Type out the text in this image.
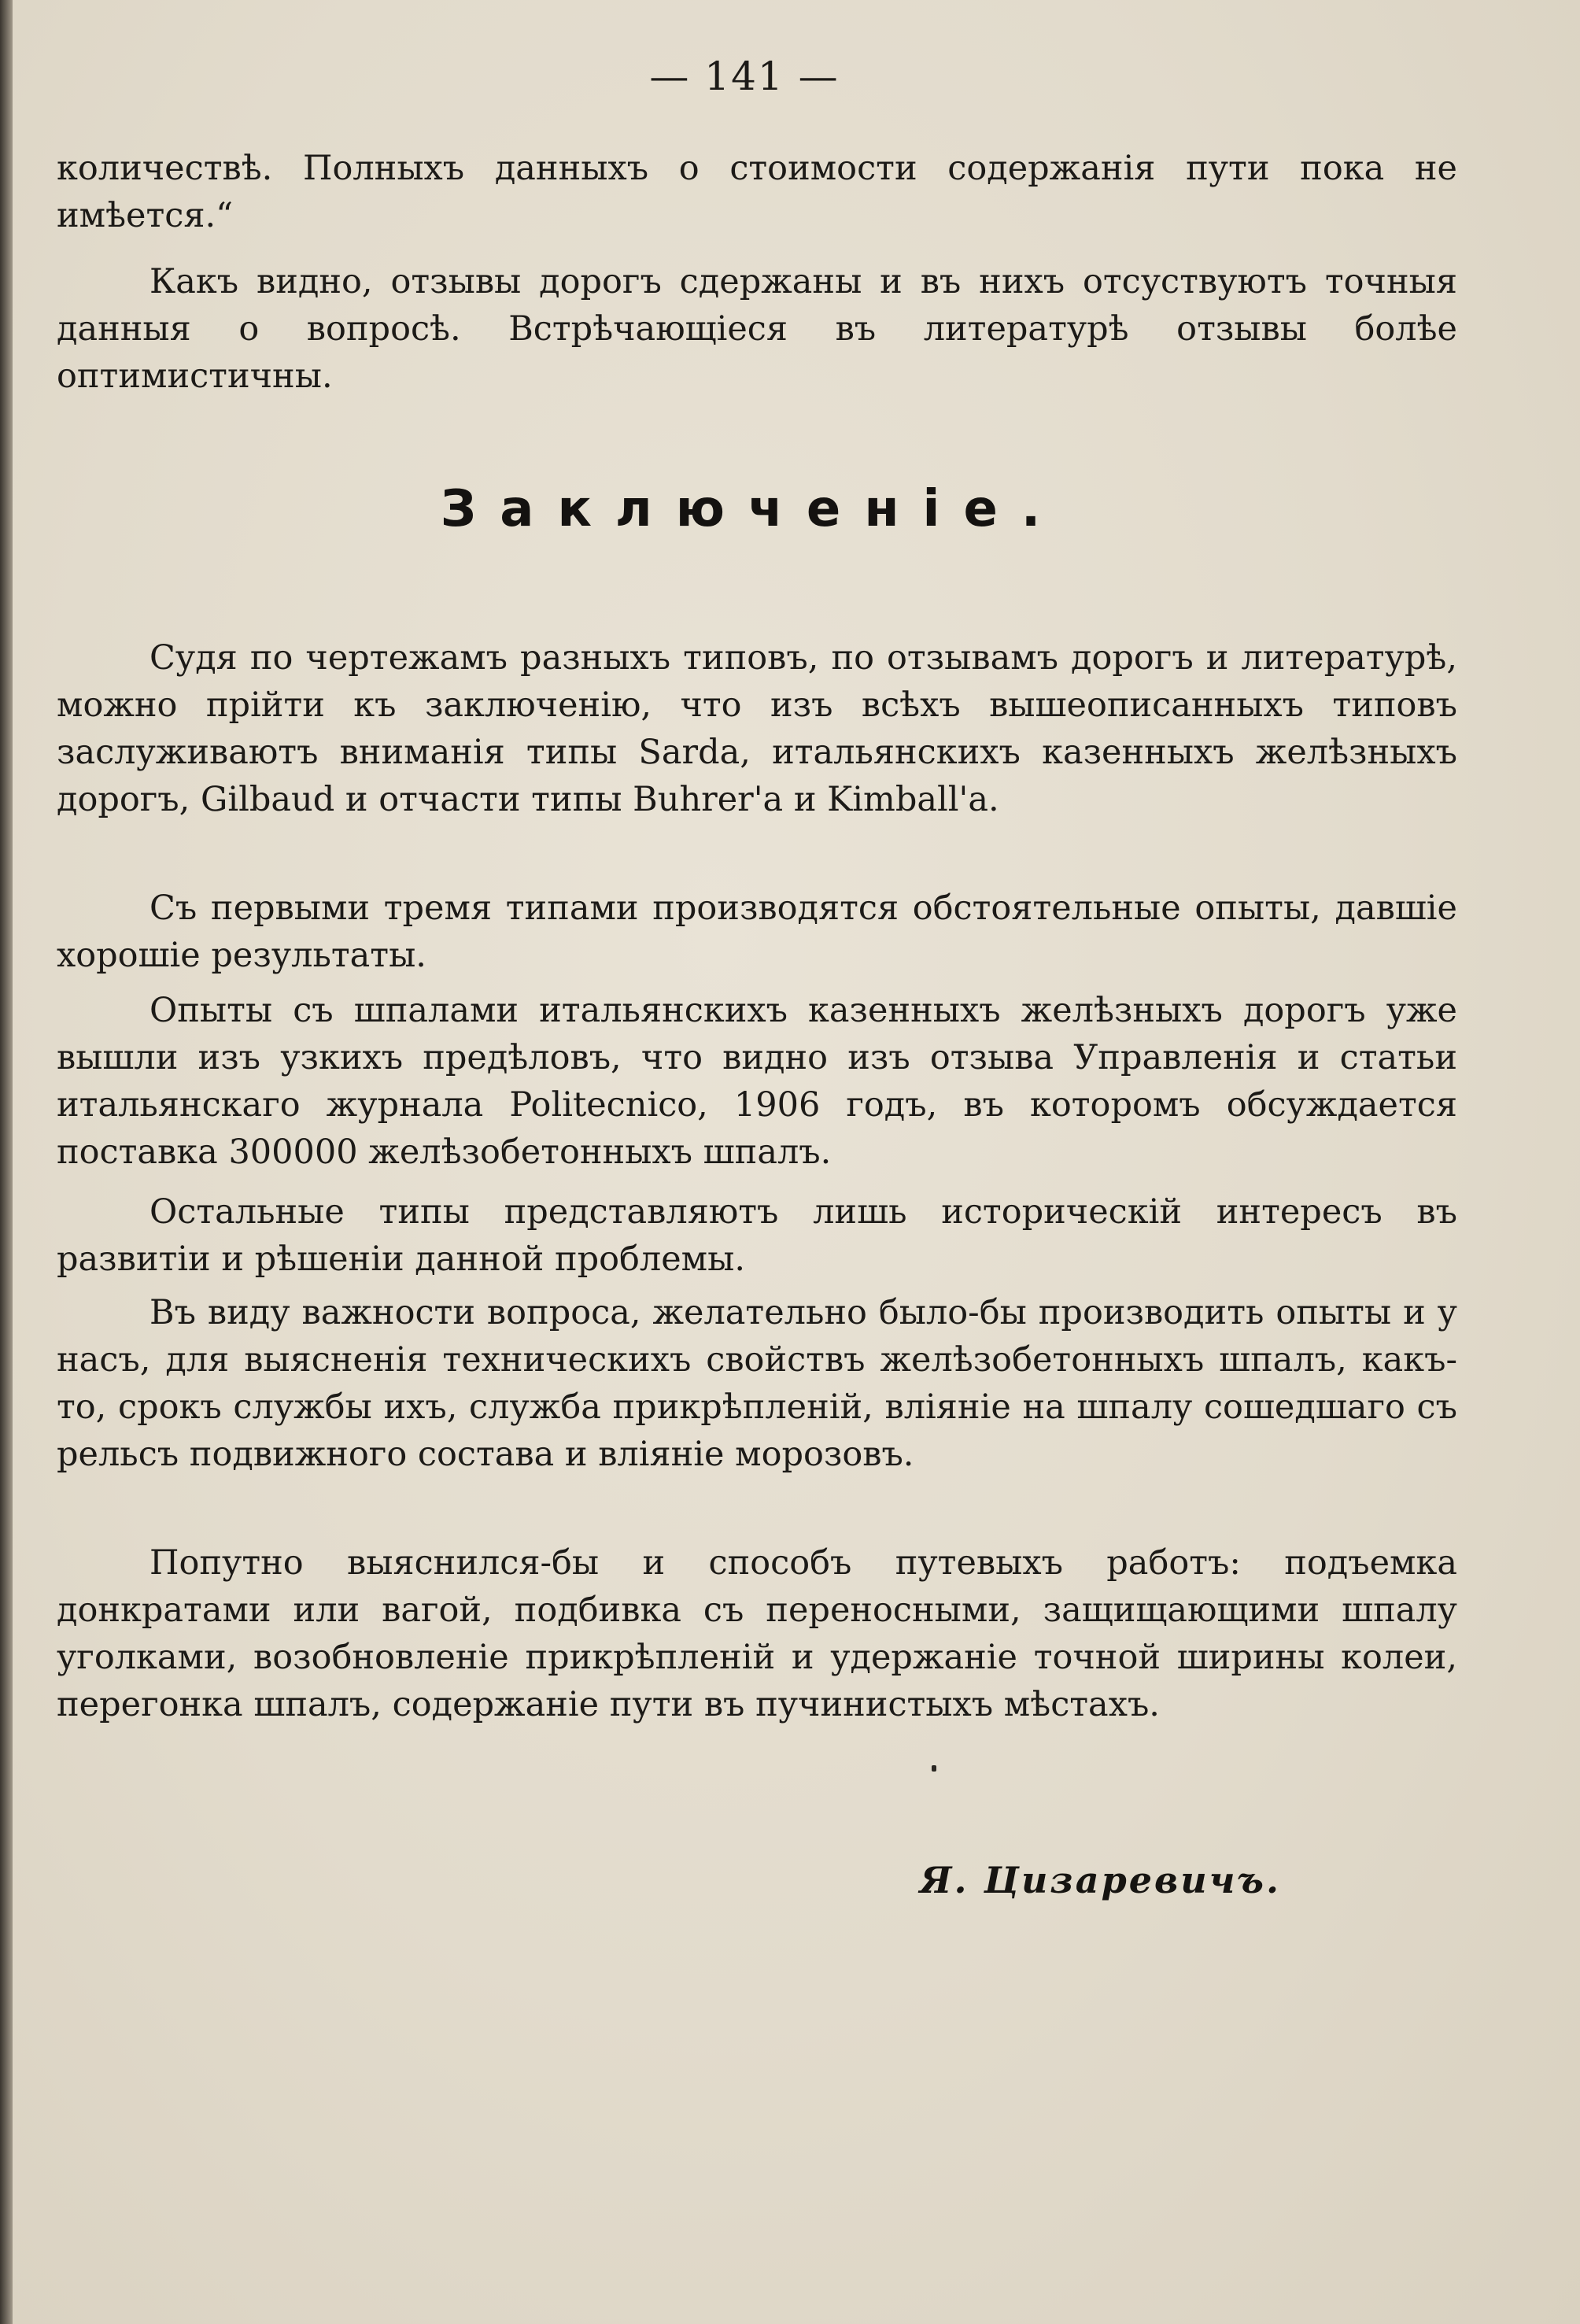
— 141 —

количествѣ. Полныхъ данныхъ о стоимости содержанія пути пока не имѣется.“

Какъ видно, отзывы дорогъ сдержаны и въ нихъ отсуствуютъ точныя данныя о вопросѣ. Встрѣчающіеся въ литературѣ отзывы болѣе оптимистичны.

Заключеніе.

Судя по чертежамъ разныхъ типовъ, по отзывамъ дорогъ и литературѣ, можно прійти къ заключенію, что изъ всѣхъ вышеописанныхъ типовъ заслуживаютъ вниманія типы Sarda, итальянскихъ казенныхъ желѣзныхъ дорогъ, Gilbaud и отчасти типы Buhrer'a и Kimball'a.

Съ первыми тремя типами производятся обстоятельные опыты, давшіе хорошіе результаты.

Опыты съ шпалами итальянскихъ казенныхъ желѣзныхъ дорогъ уже вышли изъ узкихъ предѣловъ, что видно изъ отзыва Управленія и статьи итальянскаго журнала Politecnico, 1906 годъ, въ которомъ обсуждается поставка 300000 желѣзобетонныхъ шпалъ.

Остальные типы представляютъ лишь историческій интересъ въ развитіи и рѣшеніи данной проблемы.

Въ виду важности вопроса, желательно было-бы производить опыты и у насъ, для выясненія техническихъ свойствъ желѣзобетонныхъ шпалъ, какъ-то, срокъ службы ихъ, служба прикрѣпленій, вліяніе на шпалу сошедшаго съ рельсъ подвижного состава и вліяніе морозовъ.

Попутно выяснился-бы и способъ путевыхъ работъ: подъемка донкратами или вагой, подбивка съ переносными, защищающими шпалу уголками, возобновленіе прикрѣпленій и удержаніе точной ширины колеи, перегонка шпалъ, содержаніе пути въ пучинистыхъ мѣстахъ.

Я. Цизаревичъ.
